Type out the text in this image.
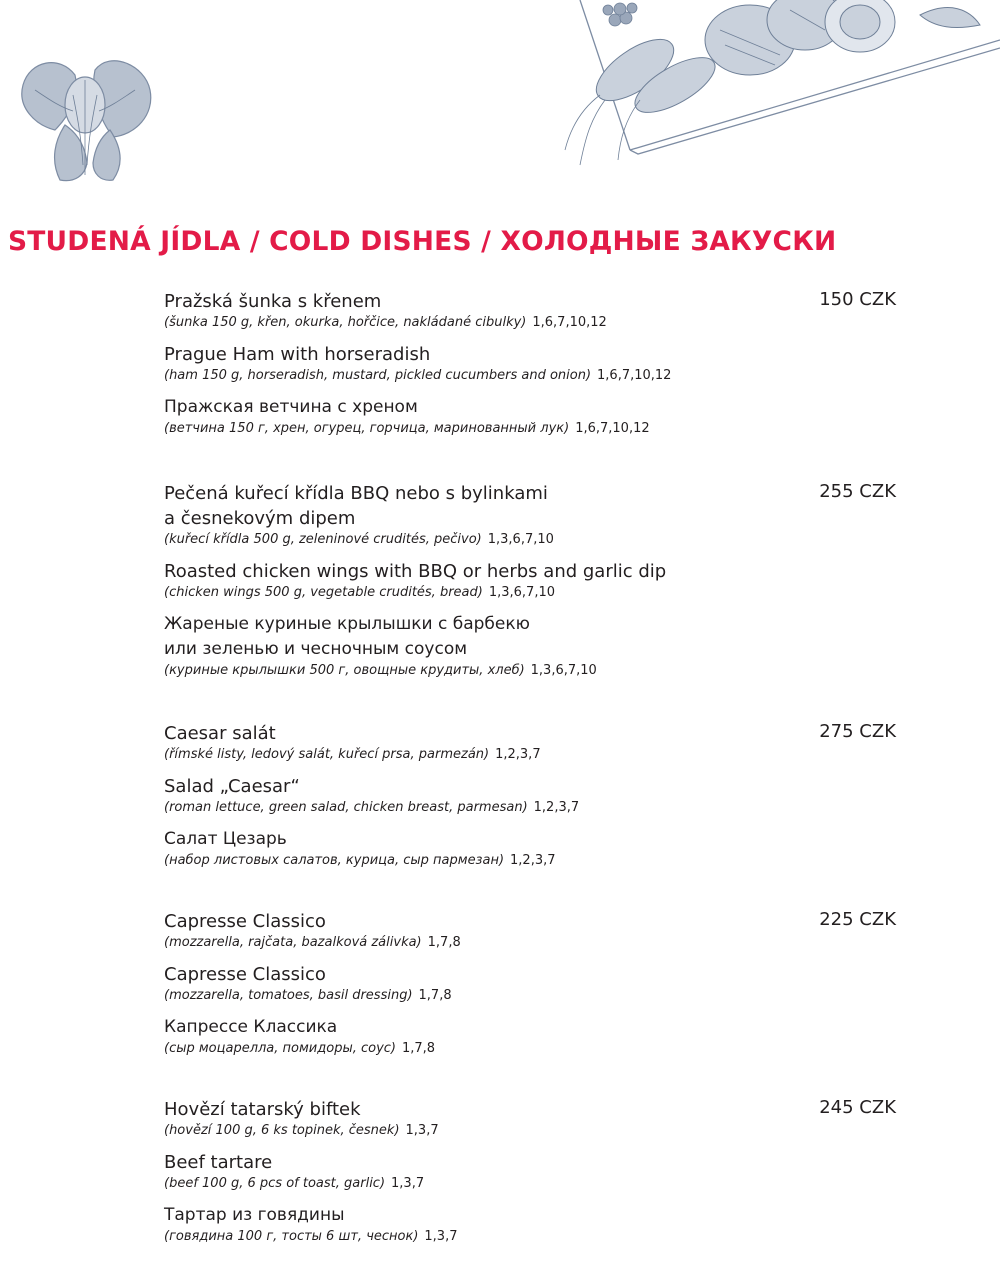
STUDENÁ JÍDLA / COLD DISHES / ХОЛОДНЫЕ ЗАКУСКИ
150 CZK
Pražská šunka s křenem
(šunka 150 g, křen, okurka, hořčice, nakládané cibulky) 1,6,7,10,12
Prague Ham with horseradish
(ham 150 g, horseradish, mustard, pickled cucumbers and onion) 1,6,7,10,12
Пражская ветчина с хреном
(ветчина 150 г, хрен, огурец, горчица, маринованный лук) 1,6,7,10,12
255 CZK
Pečená kuřecí křídla BBQ nebo s bylinkami
a česnekovým dipem
(kuřecí křídla 500 g, zeleninové crudités, pečivo) 1,3,6,7,10
Roasted chicken wings with BBQ or herbs and garlic dip
(chicken wings 500 g, vegetable crudités, bread) 1,3,6,7,10
Жареные куриные крылышки с барбекю
или зеленью и чесночным соусом
(куриные крылышки 500 г, овощные крудиты, хлеб) 1,3,6,7,10
275 CZK
Caesar salát
(římské listy, ledový salát, kuřecí prsa, parmezán) 1,2,3,7
Salad „Caesar“
(roman lettuce, green salad, chicken breast, parmesan) 1,2,3,7
Салат Цезарь
(набор листовых салатов, курица, сыр пармезан) 1,2,3,7
225 CZK
Capresse Classico
(mozzarella, rajčata, bazalková zálivka) 1,7,8
Capresse Classico
(mozzarella, tomatoes, basil dressing) 1,7,8
Капрессе Классика
(сыр моцарелла, помидоры, соус) 1,7,8
245 CZK
Hovězí tatarský biftek
(hovězí 100 g, 6 ks topinek, česnek) 1,3,7
Beef tartare
(beef 100 g, 6 pcs of toast, garlic) 1,3,7
Тартар из говядины
(говядина 100 г, тосты 6 шт, чеснок) 1,3,7
